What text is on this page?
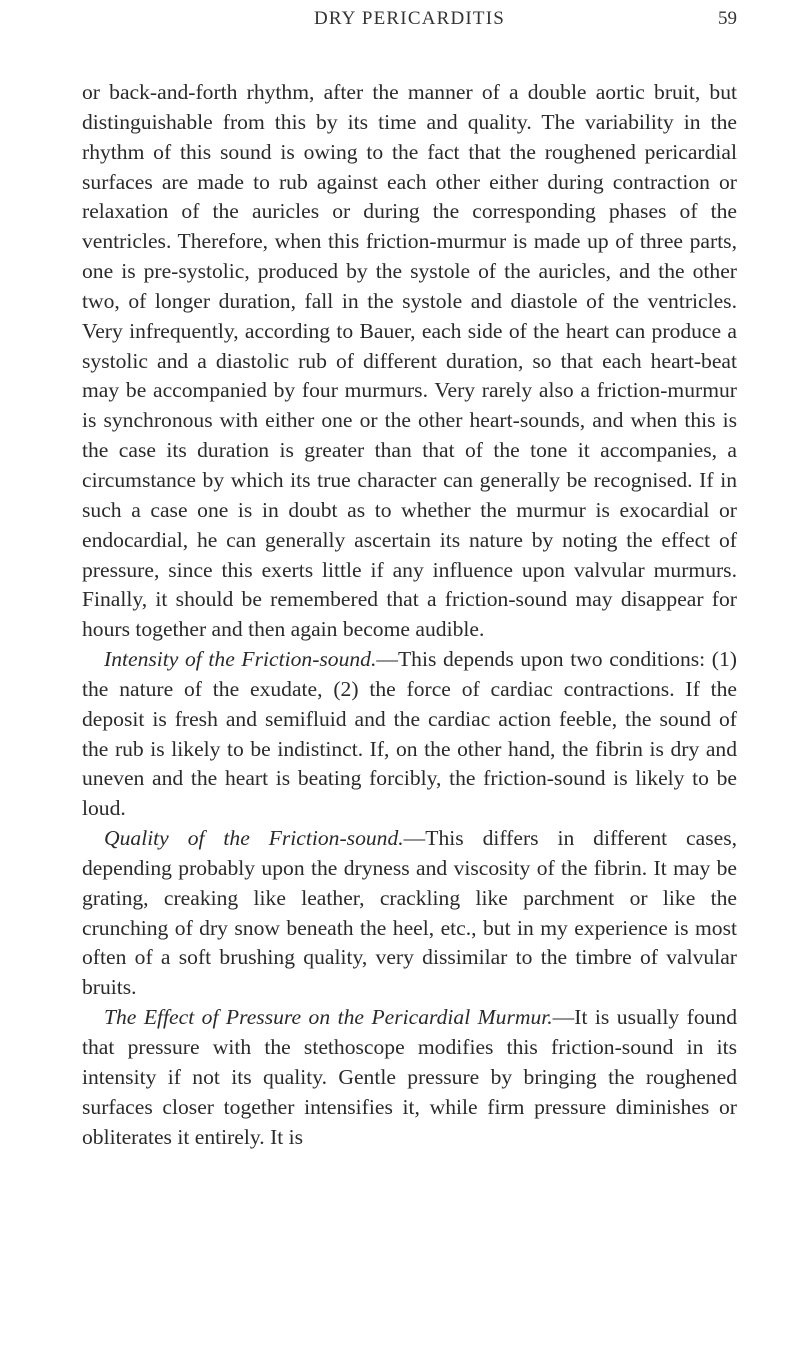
DRY PERICARDITIS	59

or back-and-forth rhythm, after the manner of a double aortic bruit, but distinguishable from this by its time and quality. The variability in the rhythm of this sound is owing to the fact that the roughened pericardial surfaces are made to rub against each other either during contraction or relaxation of the auricles or during the corresponding phases of the ventricles. Therefore, when this friction-murmur is made up of three parts, one is pre-systolic, produced by the systole of the auricles, and the other two, of longer duration, fall in the systole and diastole of the ventricles. Very infrequently, according to Bauer, each side of the heart can produce a systolic and a diastolic rub of different duration, so that each heart-beat may be accompanied by four murmurs. Very rarely also a friction-murmur is synchronous with either one or the other heart-sounds, and when this is the case its duration is greater than that of the tone it accompanies, a circumstance by which its true character can generally be recognised. If in such a case one is in doubt as to whether the murmur is exocardial or endocardial, he can generally ascertain its nature by noting the effect of pressure, since this exerts little if any influence upon valvular murmurs. Finally, it should be remembered that a friction-sound may disappear for hours together and then again become audible.

Intensity of the Friction-sound.—This depends upon two conditions: (1) the nature of the exudate, (2) the force of cardiac contractions. If the deposit is fresh and semifluid and the cardiac action feeble, the sound of the rub is likely to be indistinct. If, on the other hand, the fibrin is dry and uneven and the heart is beating forcibly, the friction-sound is likely to be loud.

Quality of the Friction-sound.—This differs in different cases, depending probably upon the dryness and viscosity of the fibrin. It may be grating, creaking like leather, crackling like parchment or like the crunching of dry snow beneath the heel, etc., but in my experience is most often of a soft brushing quality, very dissimilar to the timbre of valvular bruits.

The Effect of Pressure on the Pericardial Murmur.—It is usually found that pressure with the stethoscope modifies this friction-sound in its intensity if not its quality. Gentle pressure by bringing the roughened surfaces closer together intensifies it, while firm pressure diminishes or obliterates it entirely. It is
